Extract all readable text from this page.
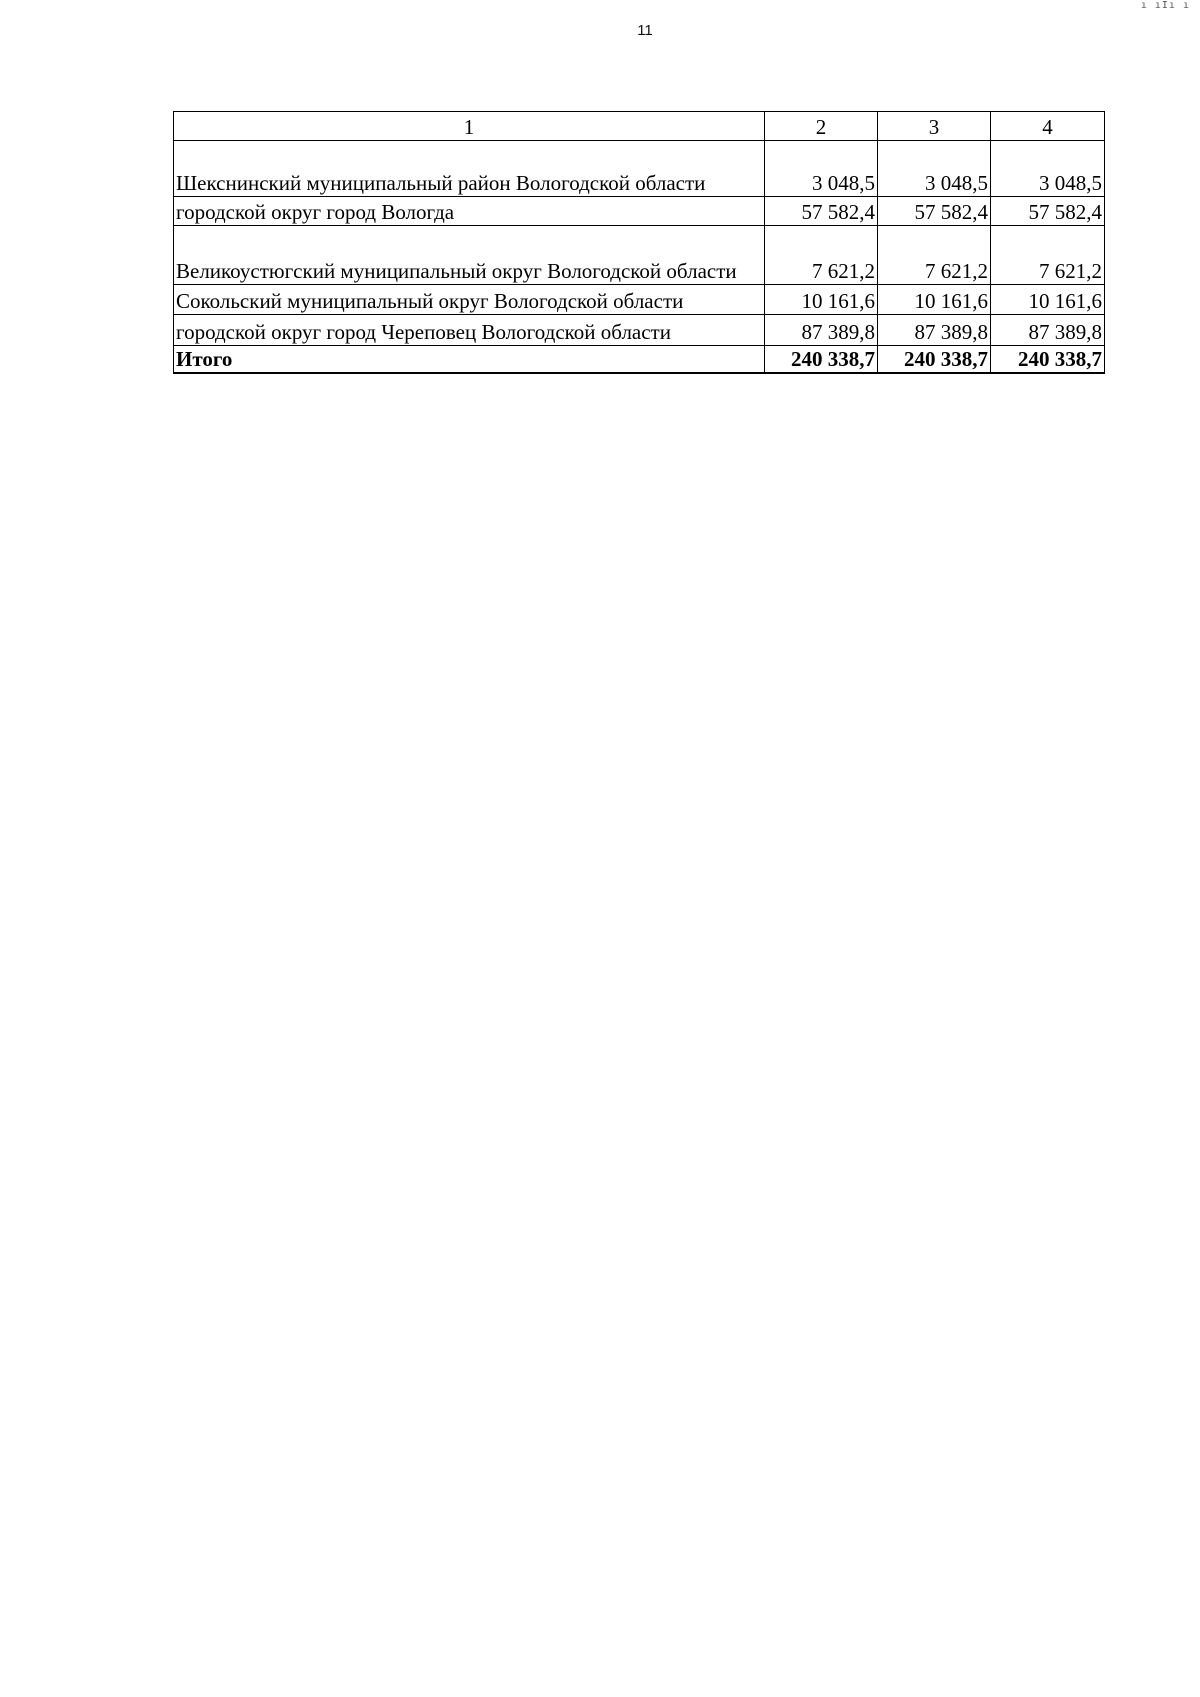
ı ıIı ı
11
1	2	3	4
Шекснинский муниципальный район Вологодской области	3 048,5	3 048,5	3 048,5
городской округ город Вологда	57 582,4	57 582,4	57 582,4
Великоустюгский муниципальный округ Вологодской области	7 621,2	7 621,2	7 621,2
Сокольский муниципальный округ Вологодской области	10 161,6	10 161,6	10 161,6
городской округ город Череповец Вологодской области	87 389,8	87 389,8	87 389,8
Итого	240 338,7	240 338,7	240 338,7
